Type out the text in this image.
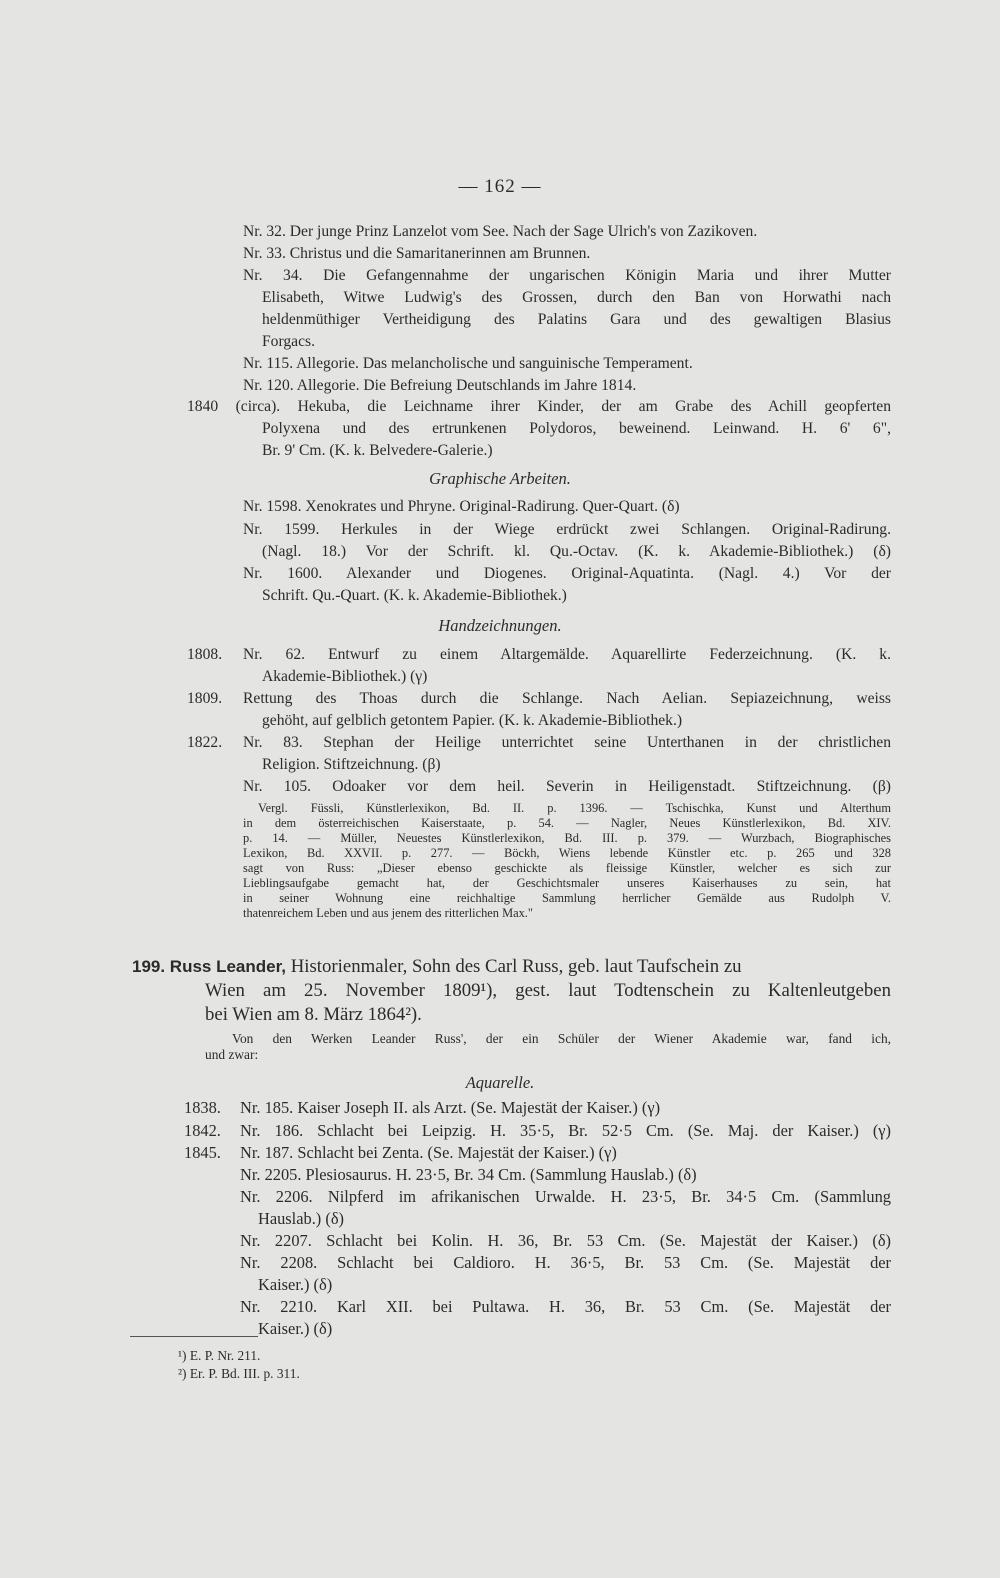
— 162 —
Nr. 32. Der junge Prinz Lanzelot vom See. Nach der Sage Ulrich's von Zazikoven.
Nr. 33. Christus und die Samaritanerinnen am Brunnen.
Nr. 34. Die Gefangennahme der ungarischen Königin Maria und ihrer Mutter
Elisabeth, Witwe Ludwig's des Grossen, durch den Ban von Horwathi nach
heldenmüthiger Vertheidigung des Palatins Gara und des gewaltigen Blasius
Forgacs.
Nr. 115. Allegorie. Das melancholische und sanguinische Temperament.
Nr. 120. Allegorie. Die Befreiung Deutschlands im Jahre 1814.
1840 (circa). Hekuba, die Leichname ihrer Kinder, der am Grabe des Achill geopferten
Polyxena und des ertrunkenen Polydoros, beweinend. Leinwand. H. 6' 6",
Br. 9' Cm. (K. k. Belvedere-Galerie.)
Graphische Arbeiten.
Nr. 1598. Xenokrates und Phryne. Original-Radirung. Quer-Quart. (δ)
Nr. 1599. Herkules in der Wiege erdrückt zwei Schlangen. Original-Radirung.
(Nagl. 18.) Vor der Schrift. kl. Qu.-Octav. (K. k. Akademie-Bibliothek.) (δ)
Nr. 1600. Alexander und Diogenes. Original-Aquatinta. (Nagl. 4.) Vor der
Schrift. Qu.-Quart. (K. k. Akademie-Bibliothek.)
Handzeichnungen.
1808. Nr. 62. Entwurf zu einem Altargemälde. Aquarellirte Federzeichnung. (K. k.
Akademie-Bibliothek.) (γ)
1809. Rettung des Thoas durch die Schlange. Nach Aelian. Sepiazeichnung, weiss
gehöht, auf gelblich getontem Papier. (K. k. Akademie-Bibliothek.)
1822. Nr. 83. Stephan der Heilige unterrichtet seine Unterthanen in der christlichen
Religion. Stiftzeichnung. (β)
Nr. 105. Odoaker vor dem heil. Severin in Heiligenstadt. Stiftzeichnung. (β)
Vergl. Füssli, Künstlerlexikon, Bd. II. p. 1396. — Tschischka, Kunst und Alterthum
in dem österreichischen Kaiserstaate, p. 54. — Nagler, Neues Künstlerlexikon, Bd. XIV.
p. 14. — Müller, Neuestes Künstlerlexikon, Bd. III. p. 379. — Wurzbach, Biographisches
Lexikon, Bd. XXVII. p. 277. — Böckh, Wiens lebende Künstler etc. p. 265 und 328
sagt von Russ: „Dieser ebenso geschickte als fleissige Künstler, welcher es sich zur
Lieblingsaufgabe gemacht hat, der Geschichtsmaler unseres Kaiserhauses zu sein, hat
in seiner Wohnung eine reichhaltige Sammlung herrlicher Gemälde aus Rudolph V.
thatenreichem Leben und aus jenem des ritterlichen Max."
199. Russ Leander, Historienmaler, Sohn des Carl Russ, geb. laut Taufschein zu
Wien am 25. November 1809¹), gest. laut Todtenschein zu Kaltenleutgeben
bei Wien am 8. März 1864²).
Von den Werken Leander Russ', der ein Schüler der Wiener Akademie war, fand ich,
und zwar:
Aquarelle.
1838. Nr. 185. Kaiser Joseph II. als Arzt. (Se. Majestät der Kaiser.) (γ)
1842. Nr. 186. Schlacht bei Leipzig. H. 35·5, Br. 52·5 Cm. (Se. Maj. der Kaiser.) (γ)
1845. Nr. 187. Schlacht bei Zenta. (Se. Majestät der Kaiser.) (γ)
Nr. 2205. Plesiosaurus. H. 23·5, Br. 34 Cm. (Sammlung Hauslab.) (δ)
Nr. 2206. Nilpferd im afrikanischen Urwalde. H. 23·5, Br. 34·5 Cm. (Sammlung
Hauslab.) (δ)
Nr. 2207. Schlacht bei Kolin. H. 36, Br. 53 Cm. (Se. Majestät der Kaiser.) (δ)
Nr. 2208. Schlacht bei Caldioro. H. 36·5, Br. 53 Cm. (Se. Majestät der
Kaiser.) (δ)
Nr. 2210. Karl XII. bei Pultawa. H. 36, Br. 53 Cm. (Se. Majestät der
Kaiser.) (δ)
¹) E. P. Nr. 211.
²) Er. P. Bd. III. p. 311.
